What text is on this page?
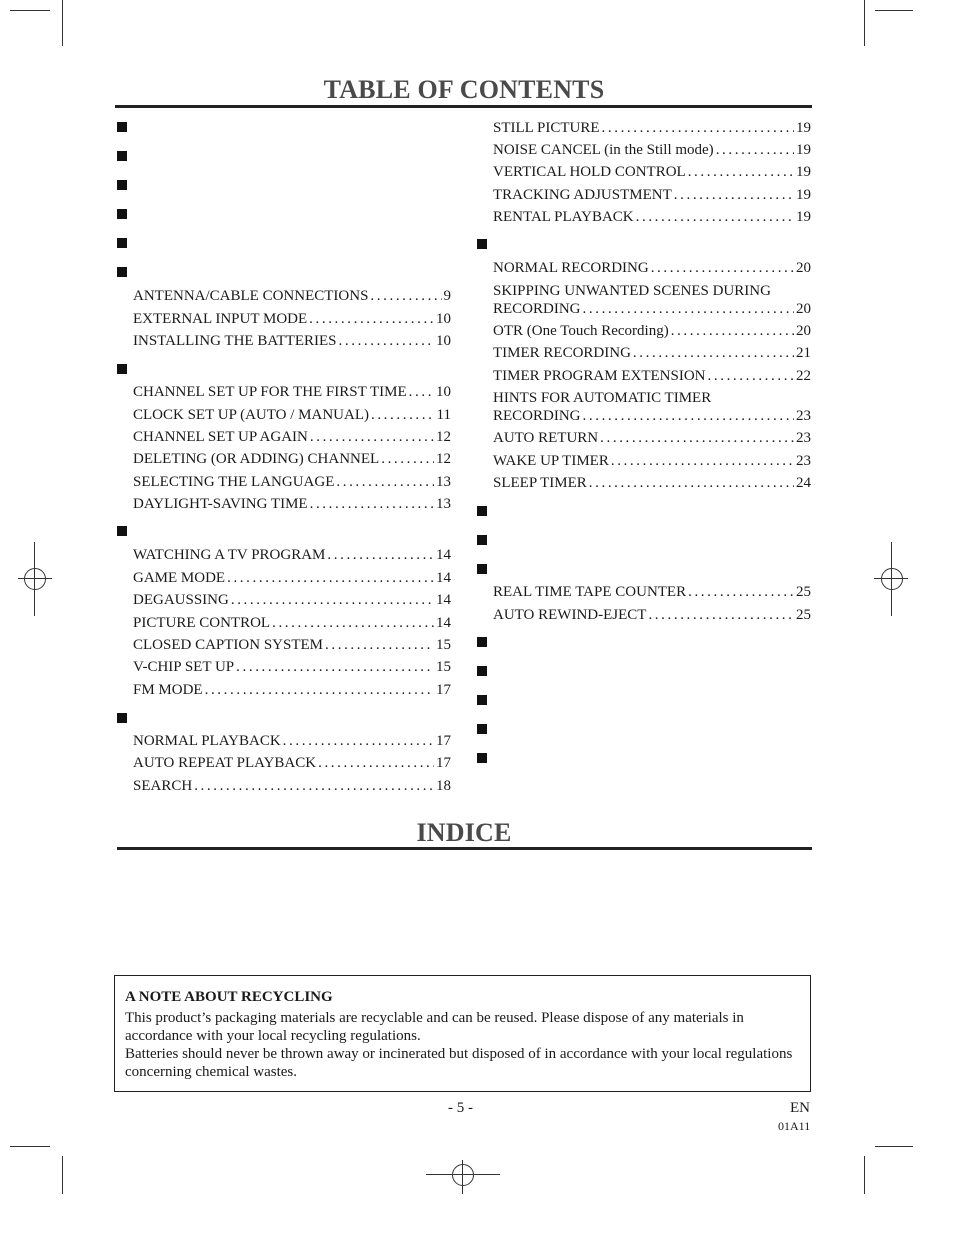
TABLE OF CONTENTS
ANTENNA/CABLE CONNECTIONS .....	9
EXTERNAL INPUT MODE .....	10
INSTALLING THE BATTERIES .....	10
CHANNEL SET UP FOR THE FIRST TIME ..... 10
CLOCK SET UP (AUTO / MANUAL) .....	11
CHANNEL SET UP AGAIN .....	12
DELETING (OR ADDING) CHANNEL .....	12
SELECTING THE LANGUAGE .....	13
DAYLIGHT-SAVING TIME .....	13
WATCHING A TV PROGRAM .....	14
GAME MODE .....	14
DEGAUSSING .....	14
PICTURE CONTROL .....	14
CLOSED CAPTION SYSTEM .....	15
V-CHIP SET UP .....	15
FM MODE .....	17
NORMAL PLAYBACK .....	17
AUTO REPEAT PLAYBACK .....	17
SEARCH .....	18
STILL PICTURE .....	19
NOISE CANCEL (in the Still mode) .....	19
VERTICAL HOLD CONTROL .....	19
TRACKING ADJUSTMENT .....	19
RENTAL PLAYBACK .....	19
NORMAL RECORDING .....	20
SKIPPING UNWANTED SCENES DURING
RECORDING .....	20
OTR (One Touch Recording) .....	20
TIMER RECORDING .....	21
TIMER PROGRAM EXTENSION .....	22
HINTS FOR AUTOMATIC TIMER
RECORDING .....	23
AUTO RETURN .....	23
WAKE UP TIMER .....	23
SLEEP TIMER .....	24
REAL TIME TAPE COUNTER .....	25
AUTO REWIND-EJECT .....	25
INDICE
A NOTE ABOUT RECYCLING
This product’s packaging materials are recyclable and can be reused. Please dispose of any materials in accordance with your local recycling regulations.
Batteries should never be thrown away or incinerated but disposed of in accordance with your local regulations concerning chemical wastes.
- 5 -	EN
01A11
